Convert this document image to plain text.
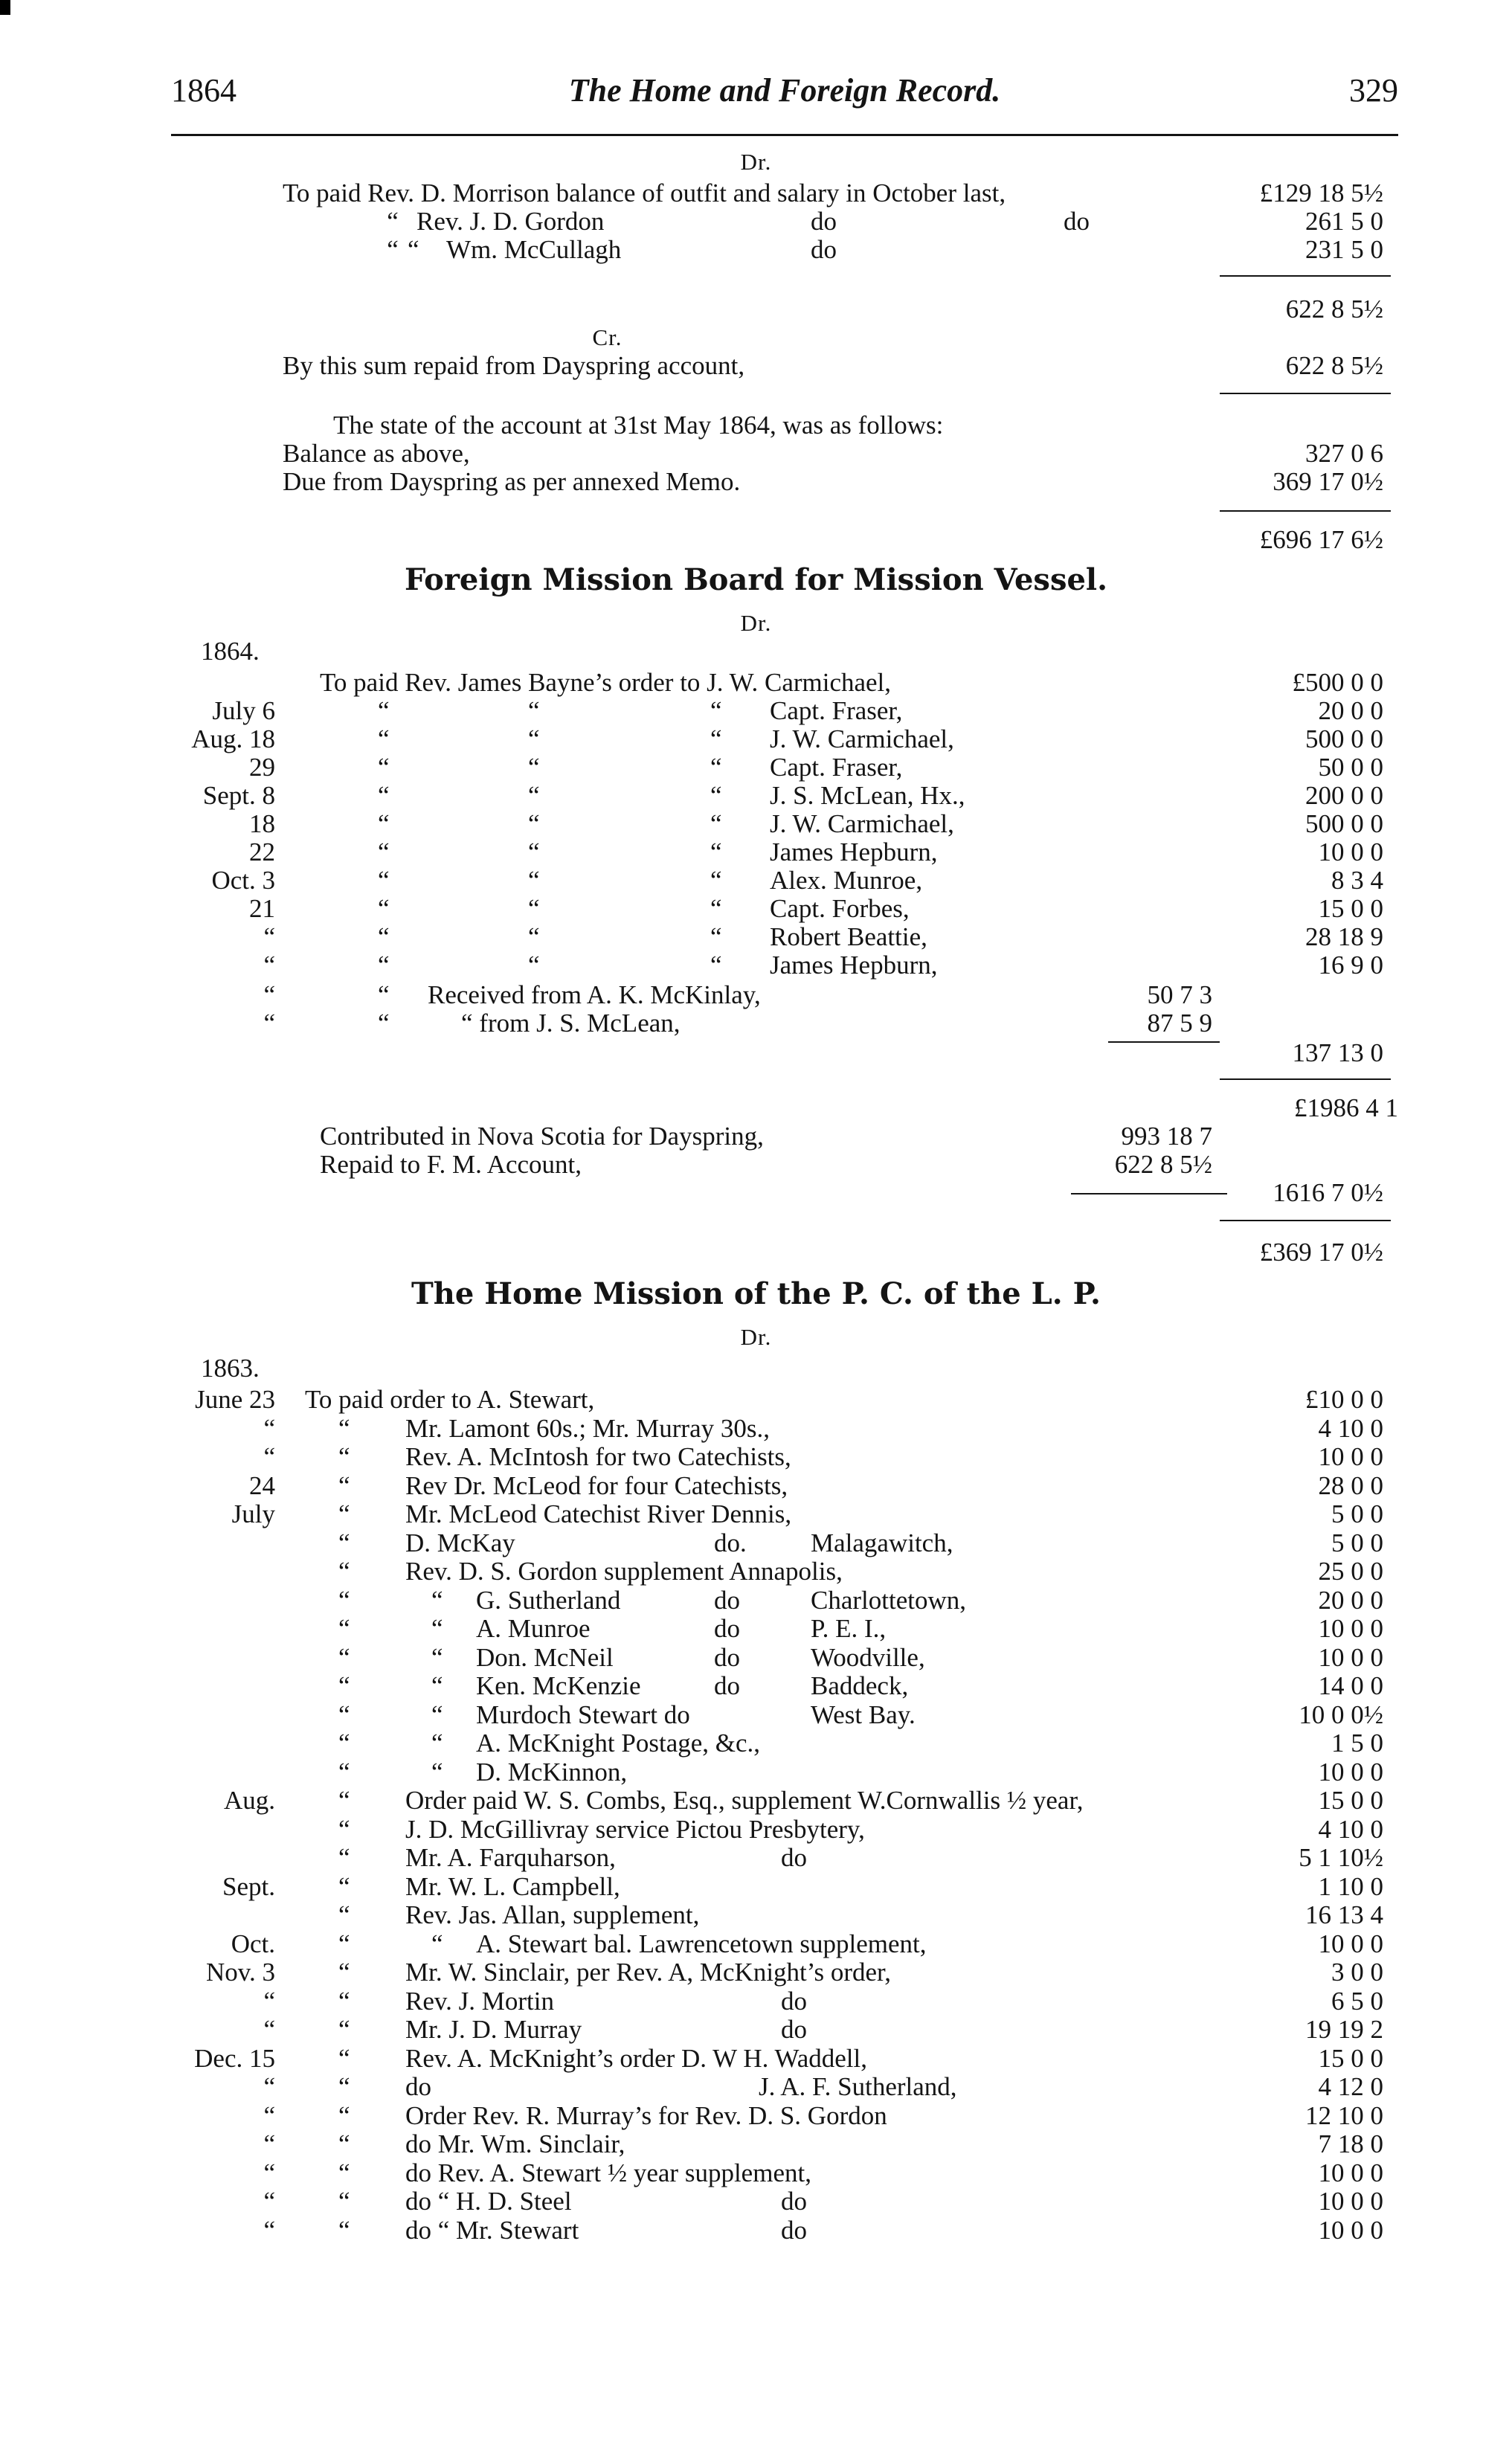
1864	The Home and Foreign Record.	329
Dr.
To paid Rev. D. Morrison balance of outfit and salary in October last,	£129 18 5½
“ Rev. J. D. Gordon	do	do	261 5 0
“ “ Wm. McCullagh	do	231 5 0
622 8 5½
Cr.
By this sum repaid from Dayspring account,	622 8 5½
The state of the account at 31st May 1864, was as follows:
Balance as above,	327 0 6
Due from Dayspring as per annexed Memo.	369 17 0½
£696 17 6½
Foreign Mission Board for Mission Vessel.
Dr.
1864.
To paid Rev. James Bayne’s order to J. W. Carmichael,	£500 0 0
July 6	“	“	“ Capt. Fraser,	20 0 0
Aug. 18	“	“	“ J. W. Carmichael,	500 0 0
29	“	“	“ Capt. Fraser,	50 0 0
Sept. 8	“	“	“ J. S. McLean, Hx.,	200 0 0
18	“	“	“ J. W. Carmichael,	500 0 0
22	“	“	“ James Hepburn,	10 0 0
Oct. 3	“	“	“ Alex. Munroe,	8 3 4
21	“	“	“ Capt. Forbes,	15 0 0
“	“	“	“ Robert Beattie,	28 18 9
“	“	“	“ James Hepburn,	16 9 0
“	“ Received from A. K. McKinlay,	50 7 3
“	“	“ from J. S. McLean,	87 5 9
137 13 0
£1986 4 1
Contributed in Nova Scotia for Dayspring,	993 18 7
Repaid to F. M. Account,	622 8 5½
1616 7 0½
£369 17 0½
The Home Mission of the P. C. of the L. P.
Dr.
1863.
June 23 To paid order to A. Stewart,	£10 0 0
“ “ Mr. Lamont 60s.; Mr. Murray 30s.,	4 10 0
“ “ Rev. A. McIntosh for two Catechists,	10 0 0
24 “ Rev Dr. McLeod for four Catechists,	28 0 0
July “ Mr. McLeod Catechist River Dennis,	5 0 0
“ D. McKay	do. Malagawitch,	5 0 0
“ Rev. D. S. Gordon supplement Annapolis,	25 0 0
“	“ G. Sutherland	do	Charlottetown,	20 0 0
“	“ A. Munroe	do	P. E. I.,	10 0 0
“	“ Don. McNeil	do	Woodville,	10 0 0
“	“ Ken. McKenzie	do	Baddeck,	14 0 0
“	“ Murdoch Stewart do	West Bay.	10 0 0½
“	“ A. McKnight Postage, &c.,	1 5 0
“	“ D. McKinnon,	10 0 0
Aug. “ Order paid W. S. Combs, Esq., supplement W.Cornwallis ½ year,	15 0 0
“ J. D. McGillivray service Pictou Presbytery,	4 10 0
“ Mr. A. Farquharson,	do	5 1 10½
Sept. “ Mr. W. L. Campbell,	1 10 0
“ Rev. Jas. Allan, supplement,	16 13 4
Oct. “	“ A. Stewart bal. Lawrencetown supplement,	10 0 0
Nov. 3 “ Mr. W. Sinclair, per Rev. A, McKnight’s order,	3 0 0
“ “ Rev. J. Mortin	do	6 5 0
“ “ Mr. J. D. Murray	do	19 19 2
Dec. 15 “ Rev. A. McKnight’s order D. W H. Waddell,	15 0 0
“ “ do	J. A. F. Sutherland,	4 12 0
“ “ Order Rev. R. Murray’s for Rev. D. S. Gordon	12 10 0
“ “ do Mr. Wm. Sinclair,	7 18 0
“ “ do Rev. A. Stewart ½ year supplement,	10 0 0
“ “ do “ H. D. Steel	do	10 0 0
“ “ do “ Mr. Stewart	do	10 0 0
